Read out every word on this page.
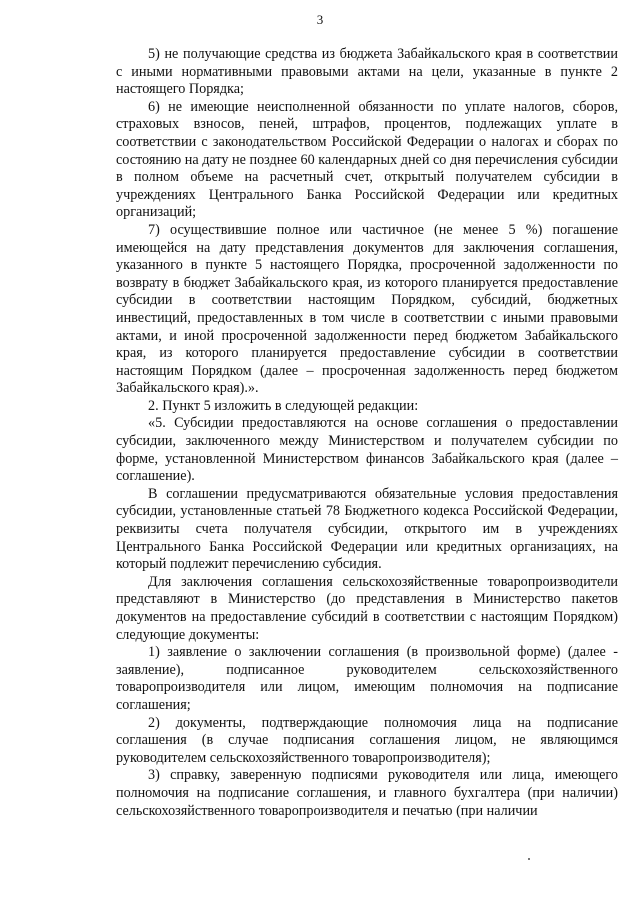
3

5) не получающие средства из бюджета Забайкальского края в соответствии с иными нормативными правовыми актами на цели, указанные в пункте 2 настоящего Порядка;

6) не имеющие неисполненной обязанности по уплате налогов, сборов, страховых взносов, пеней, штрафов, процентов, подлежащих уплате в соответствии с законодательством Российской Федерации о налогах и сборах по состоянию на дату не позднее 60 календарных дней со дня перечисления субсидии в полном объеме на расчетный счет, открытый получателем субсидии в учреждениях Центрального Банка Российской Федерации или кредитных организаций;

7) осуществившие полное или частичное (не менее 5 %) погашение имеющейся на дату представления документов для заключения соглашения, указанного в пункте 5 настоящего Порядка, просроченной задолженности по возврату в бюджет Забайкальского края, из которого планируется предоставление субсидии в соответствии настоящим Порядком, субсидий, бюджетных инвестиций, предоставленных в том числе в соответствии с иными правовыми актами, и иной просроченной задолженности перед бюджетом Забайкальского края, из которого планируется предоставление субсидии в соответствии настоящим Порядком (далее – просроченная задолженность перед бюджетом Забайкальского края).».

2. Пункт 5 изложить в следующей редакции:

«5. Субсидии предоставляются на основе соглашения о предоставлении субсидии, заключенного между Министерством и получателем субсидии по форме, установленной Министерством финансов Забайкальского края (далее – соглашение).

В соглашении предусматриваются обязательные условия предоставления субсидии, установленные статьей 78 Бюджетного кодекса Российской Федерации, реквизиты счета получателя субсидии, открытого им в учреждениях Центрального Банка Российской Федерации или кредитных организациях, на который подлежит перечислению субсидия.

Для заключения соглашения сельскохозяйственные товаропроизводители представляют в Министерство (до представления в Министерство пакетов документов на предоставление субсидий в соответствии с настоящим Порядком) следующие документы:

1) заявление о заключении соглашения (в произвольной форме) (далее - заявление), подписанное руководителем сельскохозяйственного товаропроизводителя или лицом, имеющим полномочия на подписание соглашения;

2) документы, подтверждающие полномочия лица на подписание соглашения (в случае подписания соглашения лицом, не являющимся руководителем сельскохозяйственного товаропроизводителя);

3) справку, заверенную подписями руководителя или лица, имеющего полномочия на подписание соглашения, и главного бухгалтера (при наличии) сельскохозяйственного товаропроизводителя и печатью (при наличии
